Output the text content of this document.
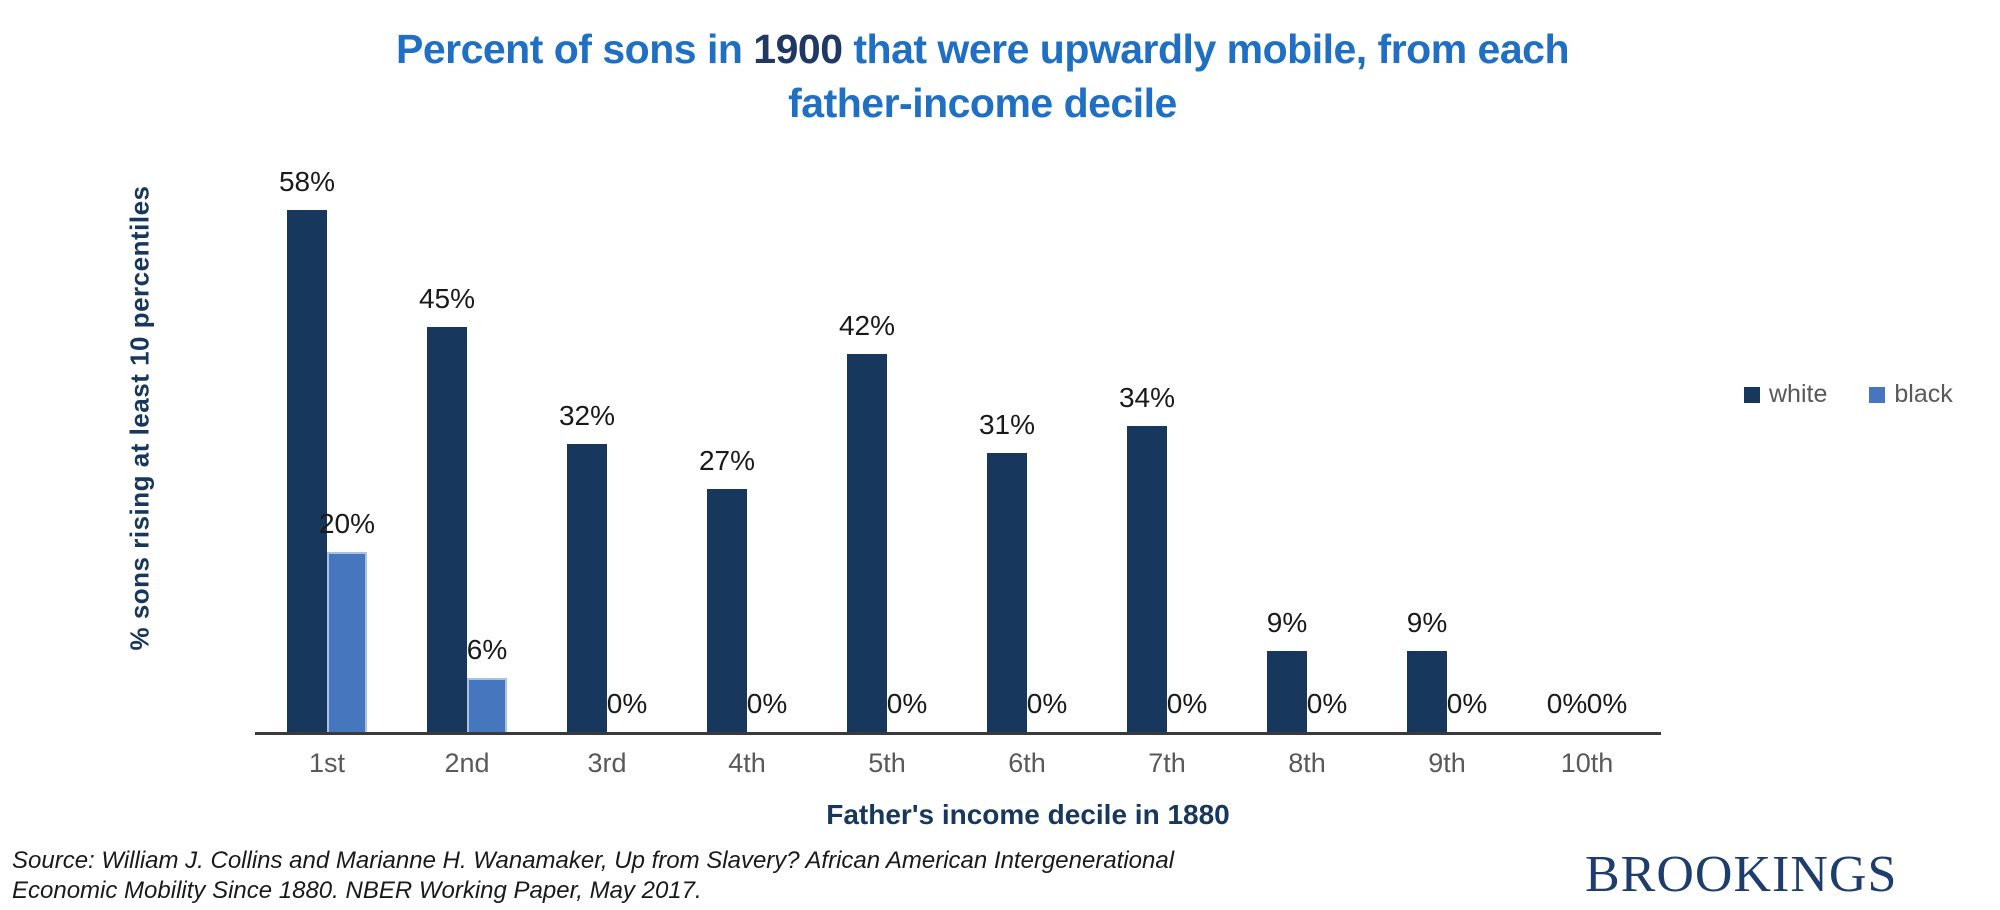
Percent of sons in 1900 that were upwardly mobile, from each
father-income decile
% sons rising at least 10 percentiles
58%
20%
45%
6%
32%
0%
27%
0%
42%
0%
31%
0%
34%
0%
9%
0%
9%
0% 0% 0%
1st	2nd	3rd	4th	5th	6th	7th	8th	9th	10th
Father's income decile in 1880
white	black
Source: William J. Collins and Marianne H. Wanamaker, Up from Slavery? African American Intergenerational
Economic Mobility Since 1880. NBER Working Paper, May 2017.	BROOKINGS
